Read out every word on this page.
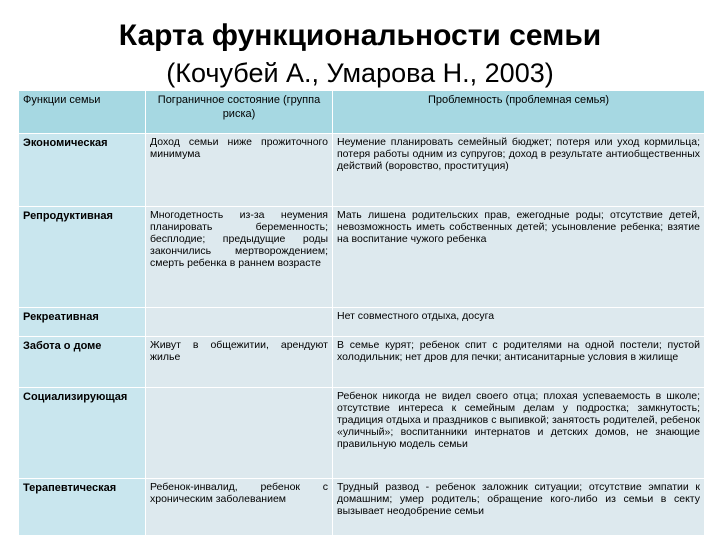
Карта функциональности семьи
(Кочубей А., Умарова Н., 2003)
Функции семьи	Пограничное состояние (группа риска)	Проблемность (проблемная семья)
Экономическая	Доход семьи ниже прожиточного минимума	Неумение планировать семейный бюджет; потеря или уход кормильца; потеря работы одним из супругов; доход в результате антиобщественных действий (воровство, проституция)
Репродуктивная	Многодетность из-за неумения планировать беременность; бесплодие; предыдущие роды закончились мертворождением; смерть ребенка в раннем возрасте	Мать лишена родительских прав, ежегодные роды; отсутствие детей, невозможность иметь собственных детей; усыновление ребенка; взятие на воспитание чужого ребенка
Рекреативная		Нет совместного отдыха, досуга
Забота о доме	Живут в общежитии, арендуют жилье	В семье курят; ребенок спит с родителями на одной постели; пустой холодильник; нет дров для печки; антисанитарные условия в жилище
Социализирующая		Ребенок никогда не видел своего отца; плохая успеваемость в школе; отсутствие интереса к семейным делам у подростка; замкнутость; традиция отдыха и праздников с выпивкой; занятость родителей, ребенок «уличный»; воспитанники интернатов и детских домов, не знающие правильную модель семьи
Терапевтическая	Ребенок-инвалид, ребенок с хроническим заболеванием	Трудный развод - ребенок заложник ситуации; отсутствие эмпатии к домашним; умер родитель; обращение кого-либо из семьи в секту вызывает неодобрение семьи
